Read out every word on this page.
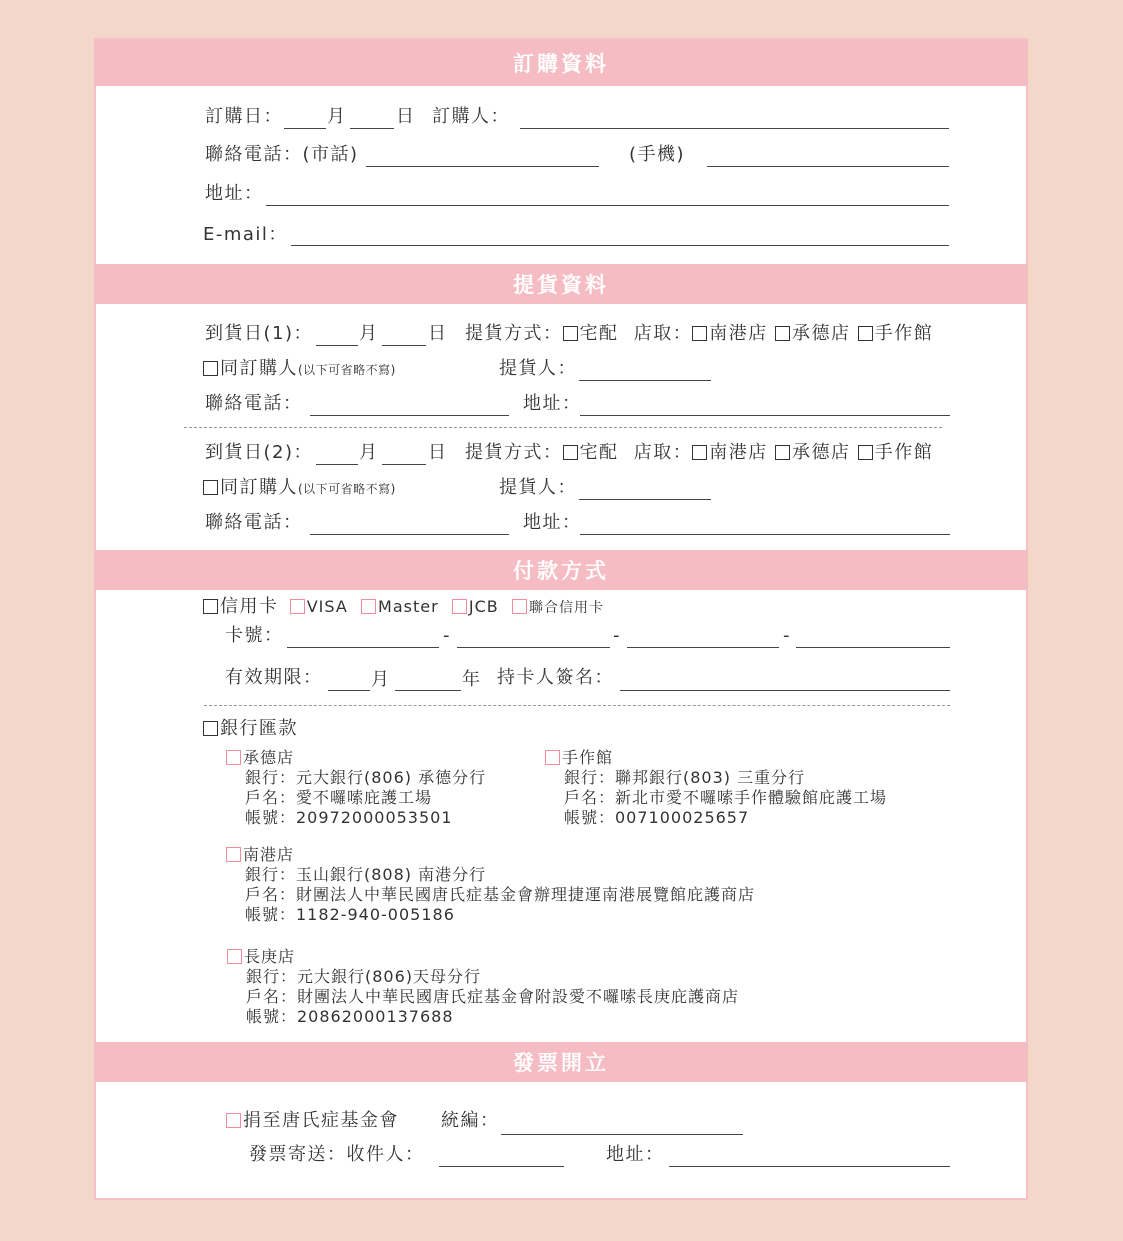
訂購資料
訂購日： 月	日 訂購人：
聯絡電話：(市話)	(手機)
地址：
E-mail：
提貨資料
到貨日(1)：	月	日 提貨方式： 宅配 店取： 南港店 承德店 手作館
同訂購人(以下可省略不寫)	提貨人：
聯絡電話：	地址：
到貨日(2)：	月	日 提貨方式： 宅配 店取： 南港店 承德店 手作館
同訂購人(以下可省略不寫)	提貨人：
聯絡電話：	地址：
付款方式
信用卡 VISA Master JCB 聯合信用卡
卡號：	-	-	-
有效期限：	月	年 持卡人簽名：
銀行匯款
承德店
銀行：元大銀行(806) 承德分行
戶名：愛不囉嗦庇護工場
帳號：20972000053501
手作館
銀行：聯邦銀行(803) 三重分行
戶名：新北市愛不囉嗦手作體驗館庇護工場
帳號：007100025657
南港店
銀行：玉山銀行(808) 南港分行
戶名：財團法人中華民國唐氏症基金會辦理捷運南港展覽館庇護商店
帳號：1182-940-005186
長庚店
銀行：元大銀行(806)天母分行
戶名：財團法人中華民國唐氏症基金會附設愛不囉嗦長庚庇護商店
帳號：20862000137688
發票開立
捐至唐氏症基金會 統編：
發票寄送：收件人：	地址：
